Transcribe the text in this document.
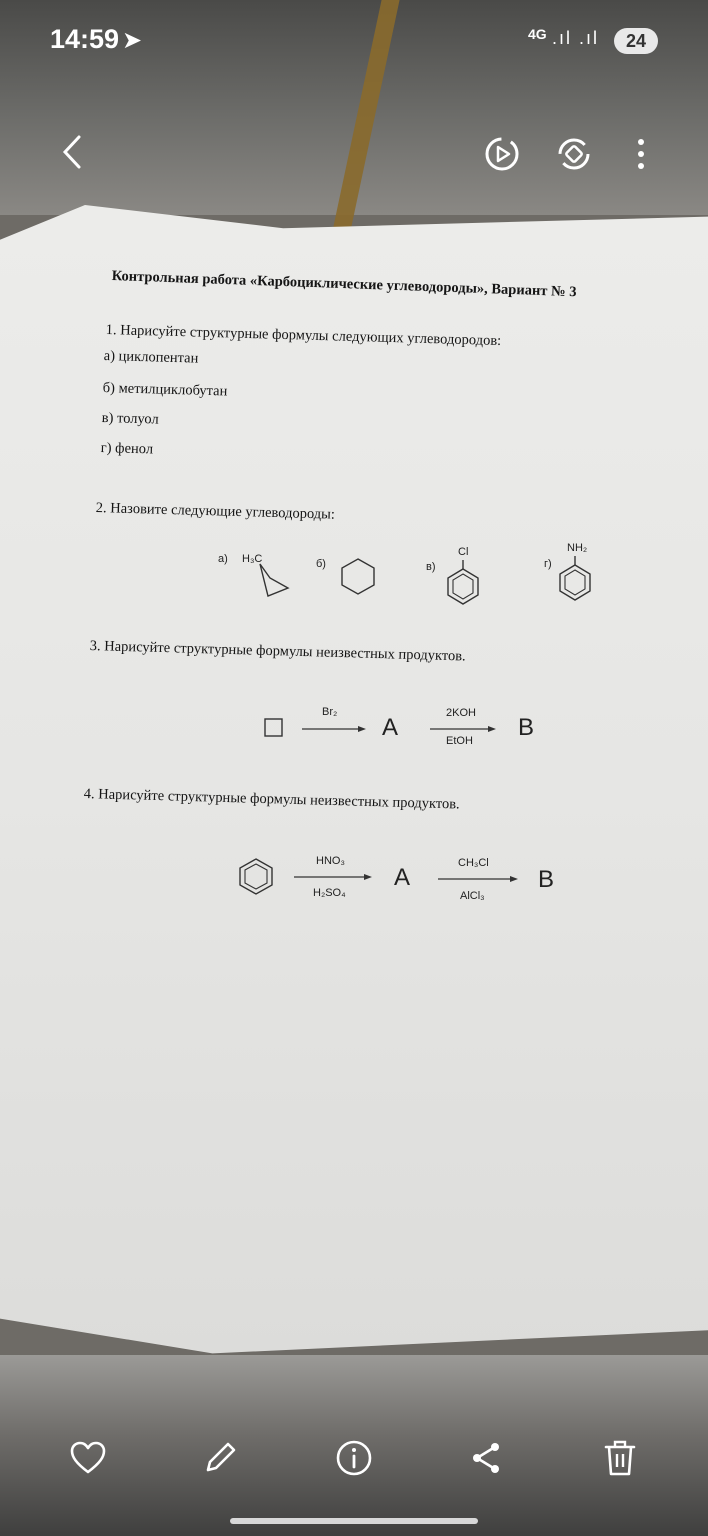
14:59 ➤	4G .ıl .ıl	24
Контрольная работа «Карбоциклические углеводороды», Вариант № 3
1. Нарисуйте структурные формулы следующих углеводородов:
а) циклопентан
б) метилциклобутан
в) толуол
г) фенол
2. Назовите следующие углеводороды:
а) H₃C	б)	в)
Cl
г)
NH₂
3. Нарисуйте структурные формулы неизвестных продуктов.
Br₂
A
2KOH
EtOH B
4. Нарисуйте структурные формулы неизвестных продуктов.
HNO₃
H₂SO₄
A
CH₃Cl
AlCl₃
B
